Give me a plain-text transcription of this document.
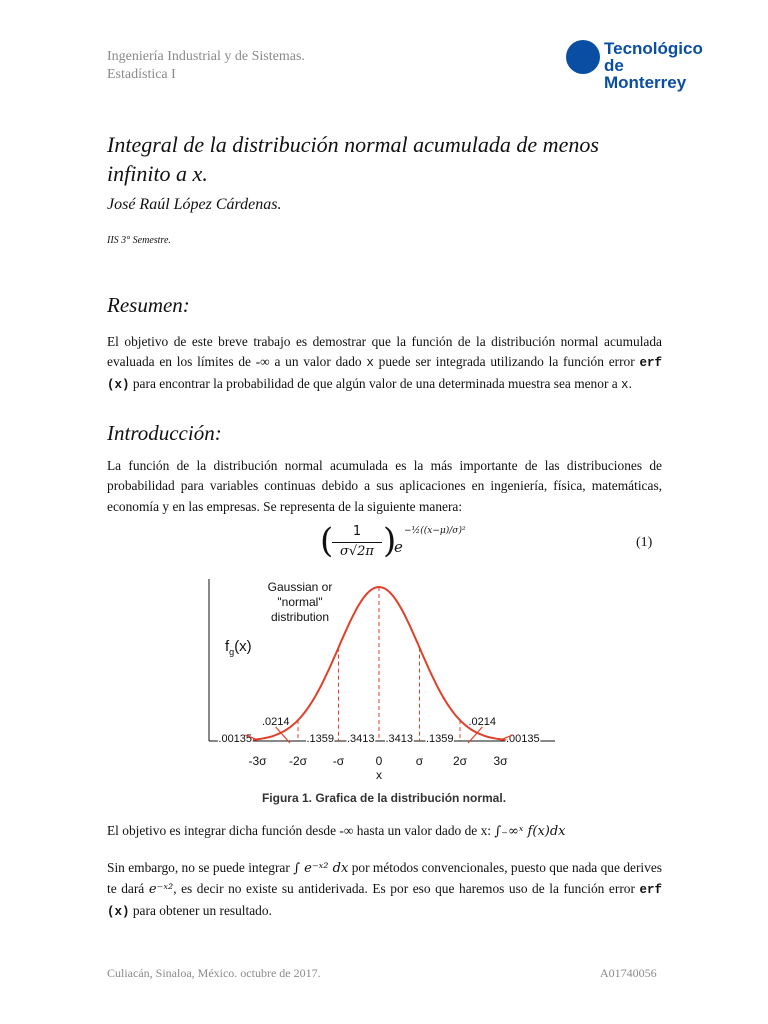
Ingeniería Industrial y de Sistemas.
Estadística I
Tecnológico
de Monterrey
Integral de la distribución normal acumulada de menos infinito a x.
José Raúl López Cárdenas.
IIS 3° Semestre.
Resumen:
El objetivo de este breve trabajo es demostrar que la función de la distribución normal acumulada evaluada en los límites de -∞ a un valor dado x puede ser integrada utilizando la función error erf (x) para encontrar la probabilidad de que algún valor de una determinada muestra sea menor a x.
Introducción:
La función de la distribución normal acumulada es la más importante de las distribuciones de probabilidad para variables continuas debido a sus aplicaciones en ingeniería, física, matemáticas, economía y en las empresas. Se representa de la siguiente manera:
(	1
σ√2π )
e
−½((x−μ)/σ)²
(1)
-3σ -2σ -σ	0	σ 2σ 3σ
x
.00135
.0214
.1359 .3413 .3413 .1359
.0214
.00135
Gaussian or
"normal"
distribution
$f_g(x)$
Figura 1. Grafica de la distribución normal.
El objetivo es integrar dicha función desde -∞ hasta un valor dado de x: ∫₋∞ˣ f(x)dx
Sin embargo, no se puede integrar ∫ e⁻ˣ² dx por métodos convencionales, puesto que nada que derives te dará e⁻ˣ², es decir no existe su antiderivada. Es por eso que haremos uso de la función error erf (x) para obtener un resultado.
Culiacán, Sinaloa, México. octubre de 2017.	A01740056
